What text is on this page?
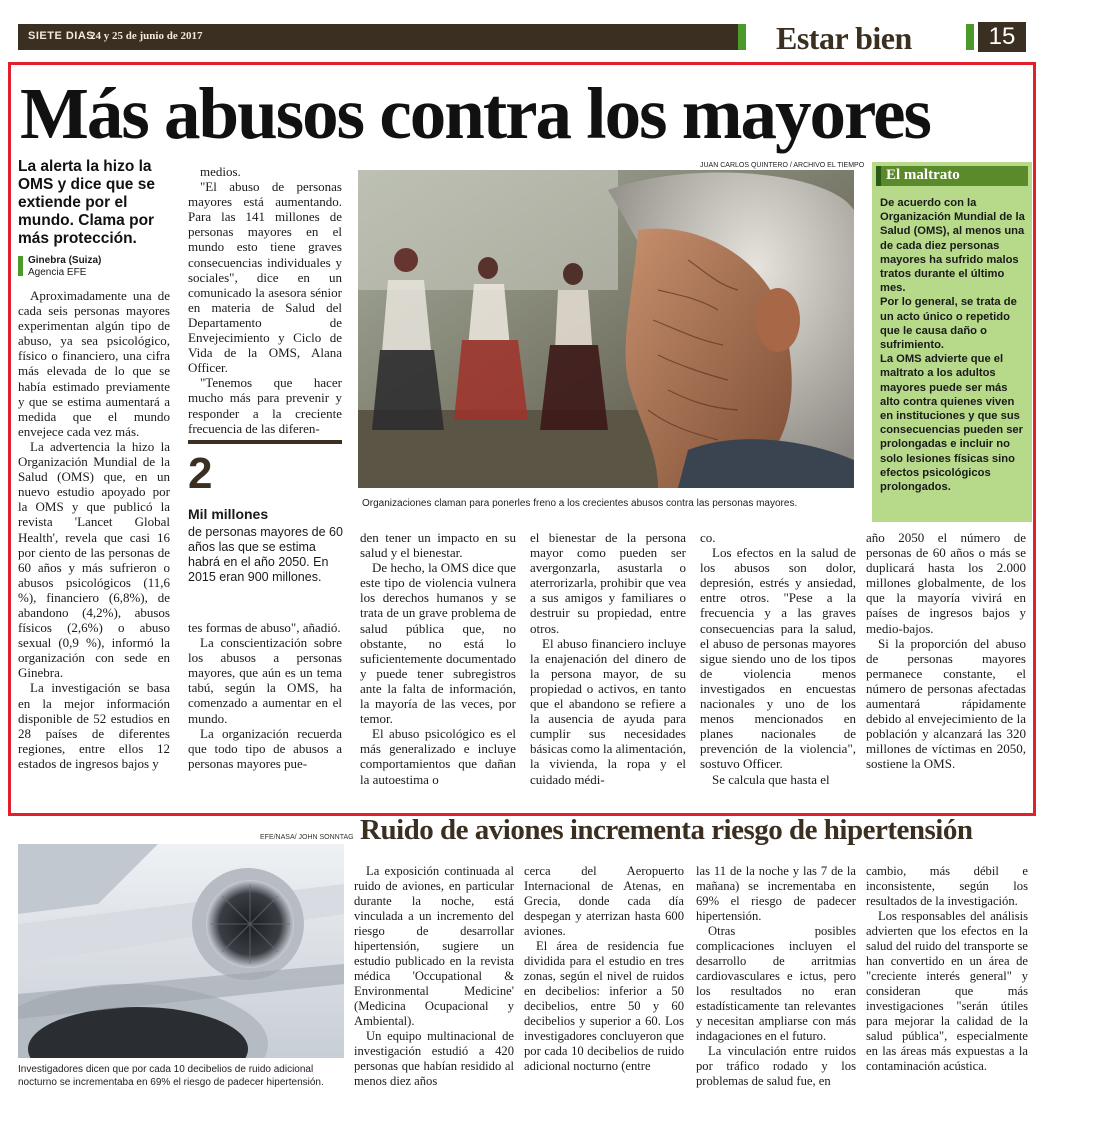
SIETE DIAS
24 y 25 de junio de 2017	Estar bien	15
Más abusos contra los mayores
La alerta la hizo la OMS y dice que se extiende por el mundo. Clama por más protección.
Ginebra (Suiza)
Agencia EFE

Aproximadamente una de cada seis personas mayores experimentan algún tipo de abuso, ya sea psicológico, físico o financiero, una cifra más elevada de lo que se había estimado previamente y que se estima aumentará a medida que el mundo envejece cada vez más.

La advertencia la hizo la Organización Mundial de la Salud (OMS) que, en un nuevo estudio apoyado por la OMS y que publicó la revista 'Lancet Global Health', revela que casi 16 por ciento de las personas de 60 años y más sufrieron o abusos psicológicos (11,6 %), financiero (6,8%), de abandono (4,2%), abusos físicos (2,6%) o abuso sexual (0,9 %), informó la organización con sede en Ginebra.

La investigación se basa en la mejor información disponible de 52 estudios en 28 países de diferentes regiones, entre ellos 12 estados de ingresos bajos y

medios.

"El abuso de personas mayores está aumentando. Para las 141 millones de personas mayores en el mundo esto tiene graves consecuencias individuales y sociales", dice en un comunicado la asesora sénior en materia de Salud del Departamento de Envejecimiento y Ciclo de Vida de la OMS, Alana Officer.

"Tenemos que hacer mucho más para prevenir y responder a la creciente frecuencia de las diferen-

2
Mil millones
de personas mayores de 60 años las que se estima habrá en el año 2050. En 2015 eran 900 millones.

tes formas de abuso", añadió.

La conscientización sobre los abusos a personas mayores, que aún es un tema tabú, según la OMS, ha comenzado a aumentar en el mundo.

La organización recuerda que todo tipo de abusos a personas mayores pue-

JUAN CARLOS QUINTERO / ARCHIVO EL TIEMPO
Organizaciones claman para ponerles freno a los crecientes abusos contra las personas mayores.

den tener un impacto en su salud y el bienestar.

De hecho, la OMS dice que este tipo de violencia vulnera los derechos humanos y se trata de un grave problema de salud pública que, no obstante, no está lo suficientemente documentado y puede tener subregistros ante la falta de información, la mayoría de las veces, por temor.

El abuso psicológico es el más generalizado e incluye comportamientos que dañan la autoestima o

el bienestar de la persona mayor como pueden ser avergonzarla, asustarla o aterrorizarla, prohibir que vea a sus amigos y familiares o destruir su propiedad, entre otros.

El abuso financiero incluye la enajenación del dinero de la persona mayor, de su propiedad o activos, en tanto que el abandono se refiere a la ausencia de ayuda para cumplir sus necesidades básicas como la alimentación, la vivienda, la ropa y el cuidado médi-

co.

Los efectos en la salud de los abusos son dolor, depresión, estrés y ansiedad, entre otros. "Pese a la frecuencia y a las graves consecuencias para la salud, el abuso de personas mayores sigue siendo uno de los tipos de violencia menos investigados en encuestas nacionales y uno de los menos mencionados en planes nacionales de prevención de la violencia", sostuvo Officer.

Se calcula que hasta el

año 2050 el número de personas de 60 años o más se duplicará hasta los 2.000 millones globalmente, de los que la mayoría vivirá en países de ingresos bajos y medio-bajos.

Si la proporción del abuso de personas mayores permanece constante, el número de personas afectadas aumentará rápidamente debido al envejecimiento de la población y alcanzará las 320 millones de víctimas en 2050, sostiene la OMS.

El maltrato

De acuerdo con la Organización Mundial de la Salud (OMS), al menos una de cada diez personas mayores ha sufrido malos tratos durante el último mes.

Por lo general, se trata de un acto único o repetido que le causa daño o sufrimiento.

La OMS advierte que el maltrato a los adultos mayores puede ser más alto contra quienes viven en instituciones y que sus consecuencias pueden ser prolongadas e incluir no solo lesiones físicas sino efectos psicológicos prolongados.

EFE/NASA/ JOHN SONNTAG
Investigadores dicen que por cada 10 decibelios de ruido adicional nocturno se incrementaba en 69% el riesgo de padecer hipertensión.
Ruido de aviones incrementa riesgo de hipertensión

La exposición continuada al ruido de aviones, en particular durante la noche, está vinculada a un incremento del riesgo de desarrollar hipertensión, sugiere un estudio publicado en la revista médica 'Occupational & Environmental Medicine' (Medicina Ocupacional y Ambiental).

Un equipo multinacional de investigación estudió a 420 personas que habían residido al menos diez años

cerca del Aeropuerto Internacional de Atenas, en Grecia, donde cada día despegan y aterrizan hasta 600 aviones.

El área de residencia fue dividida para el estudio en tres zonas, según el nivel de ruidos en decibelios: inferior a 50 decibelios, entre 50 y 60 decibelios y superior a 60. Los investigadores concluyeron que por cada 10 decibelios de ruido adicional nocturno (entre

las 11 de la noche y las 7 de la mañana) se incrementaba en 69% el riesgo de padecer hipertensión.

Otras posibles complicaciones incluyen el desarrollo de arritmias cardiovasculares e ictus, pero los resultados no eran estadísticamente tan relevantes y necesitan ampliarse con más indagaciones en el futuro.

La vinculación entre ruidos por tráfico rodado y los problemas de salud fue, en

cambio, más débil e inconsistente, según los resultados de la investigación.

Los responsables del análisis advierten que los efectos en la salud del ruido del transporte se han convertido en un área de "creciente interés general" y consideran que más investigaciones "serán útiles para mejorar la calidad de la salud pública", especialmente en las áreas más expuestas a la contaminación acústica.
